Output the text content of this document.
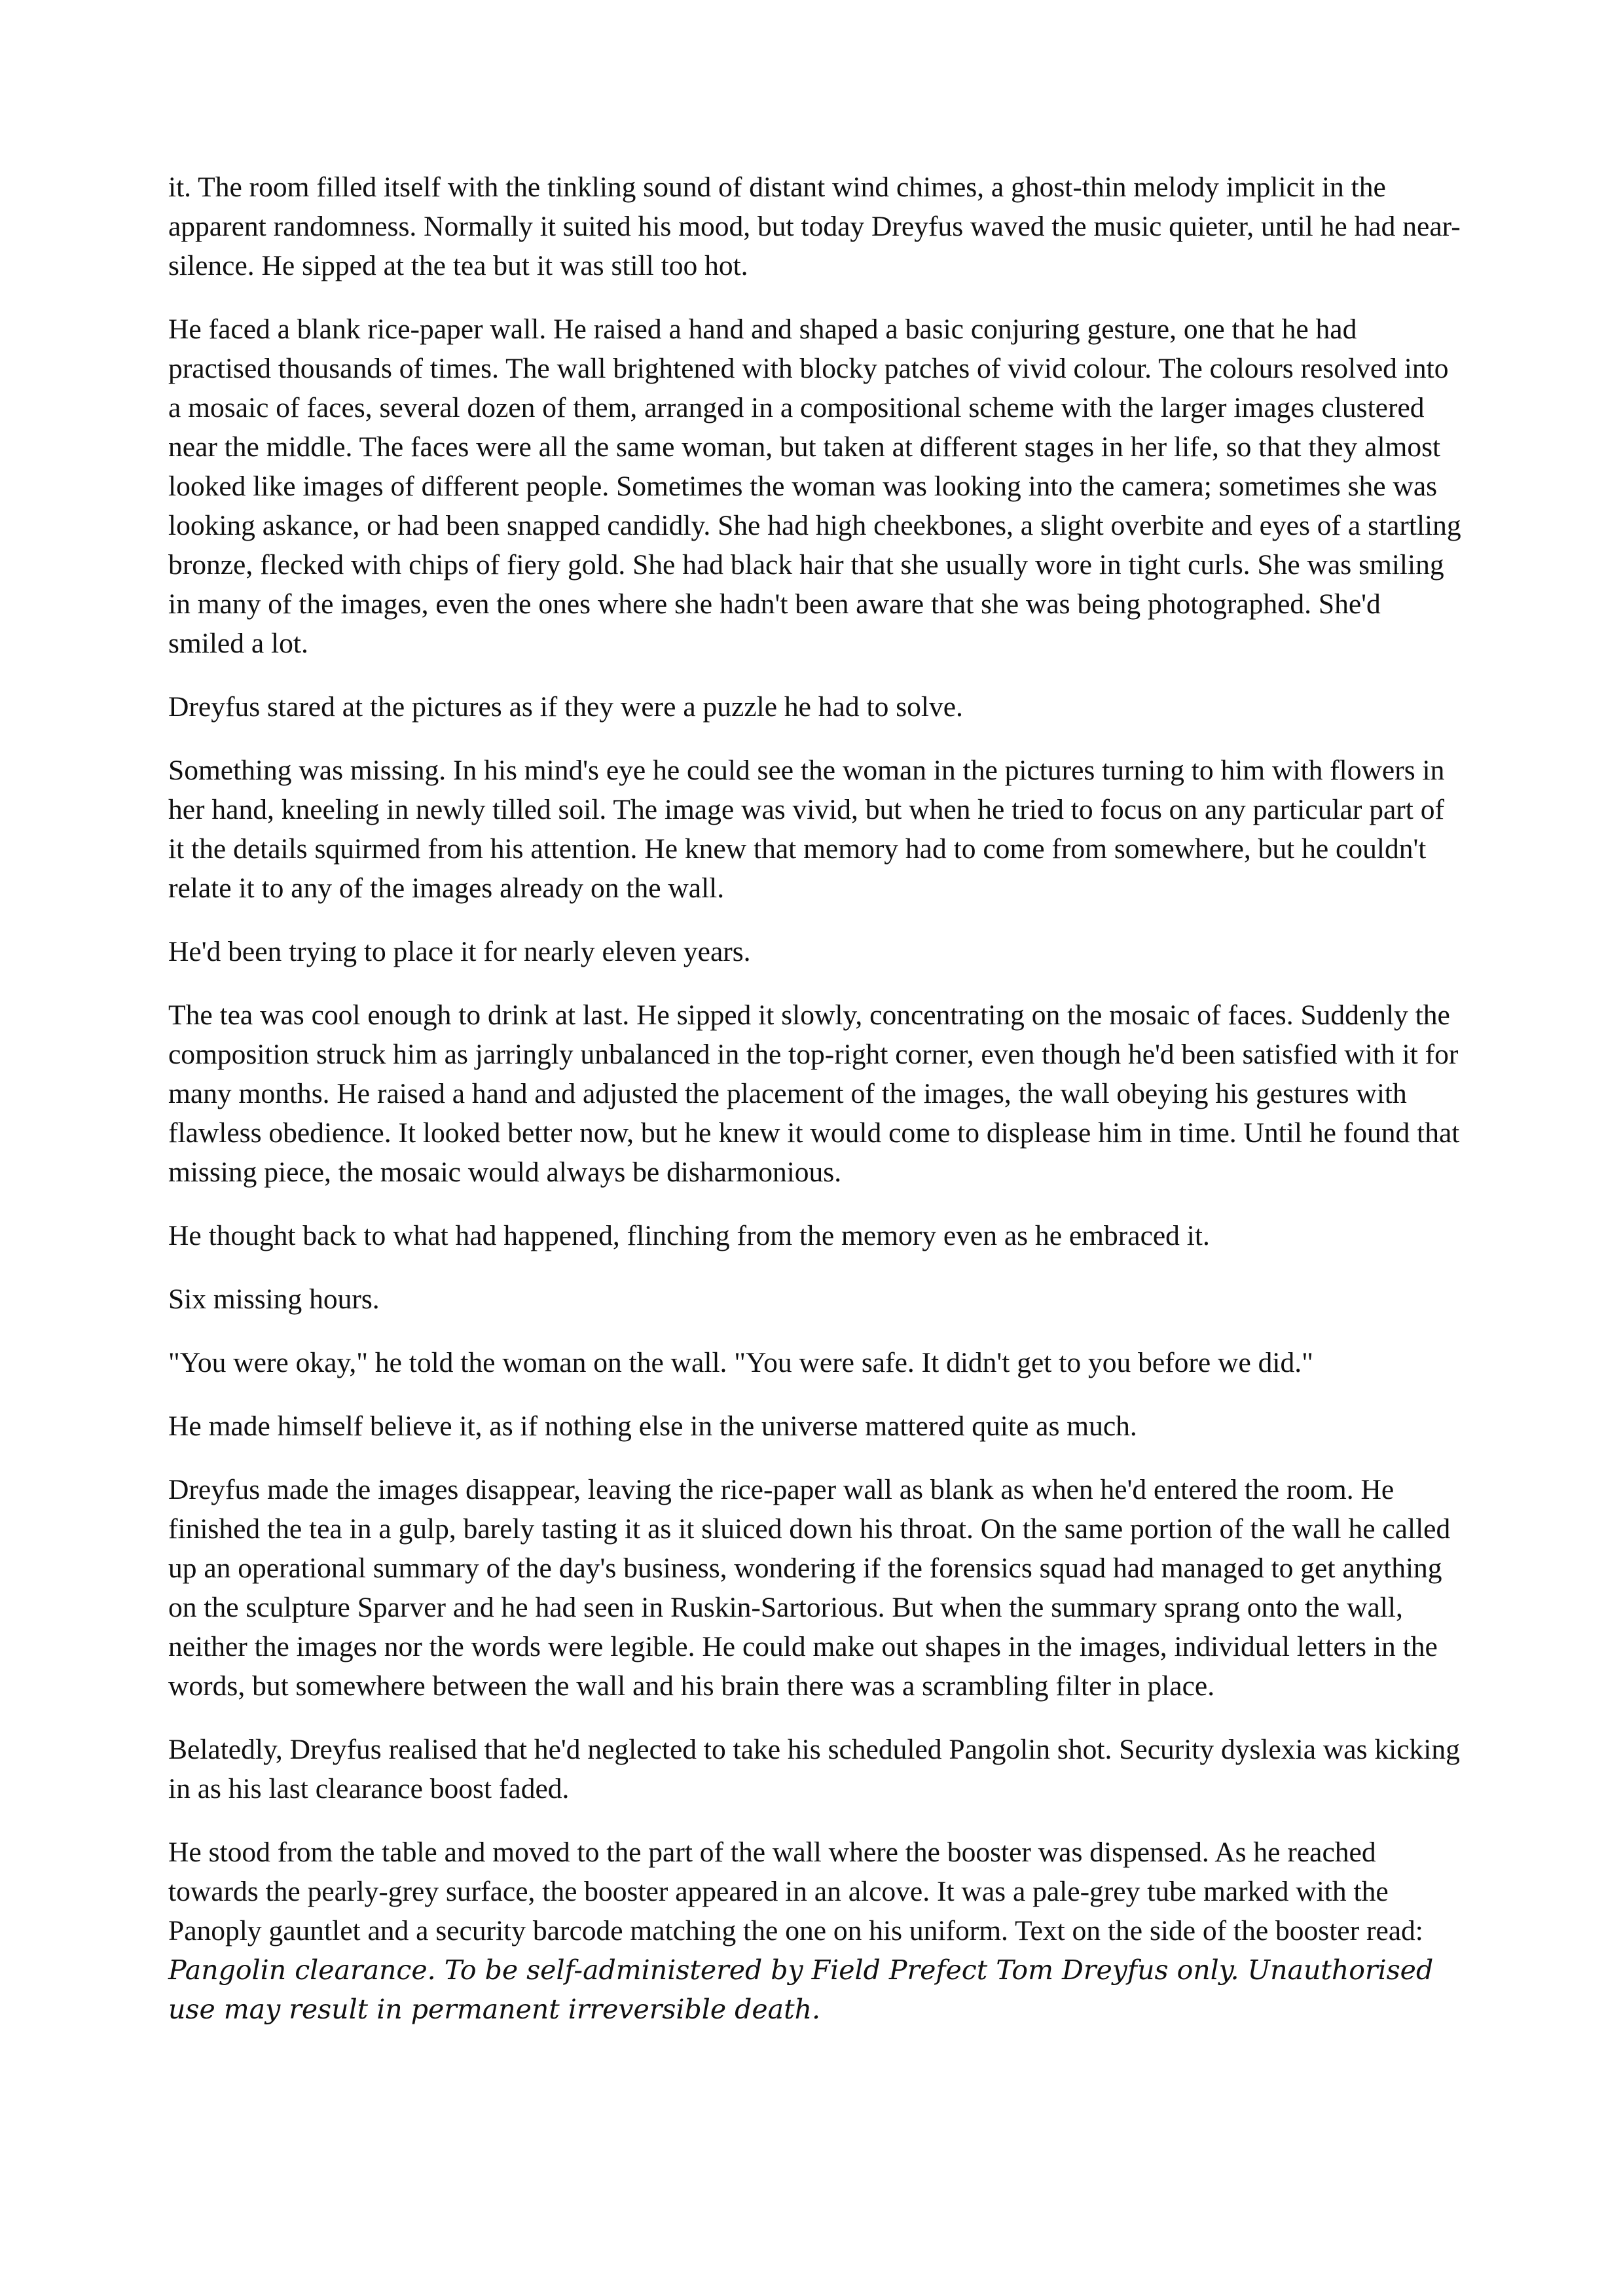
it. The room filled itself with the tinkling sound of distant wind chimes, a ghost-thin melody implicit in the apparent randomness. Normally it suited his mood, but today Dreyfus waved the music quieter, until he had near-silence. He sipped at the tea but it was still too hot.

He faced a blank rice-paper wall. He raised a hand and shaped a basic conjuring gesture, one that he had practised thousands of times. The wall brightened with blocky patches of vivid colour. The colours resolved into a mosaic of faces, several dozen of them, arranged in a compositional scheme with the larger images clustered near the middle. The faces were all the same woman, but taken at different stages in her life, so that they almost looked like images of different people. Sometimes the woman was looking into the camera; sometimes she was looking askance, or had been snapped candidly. She had high cheekbones, a slight overbite and eyes of a startling bronze, flecked with chips of fiery gold. She had black hair that she usually wore in tight curls. She was smiling in many of the images, even the ones where she hadn't been aware that she was being photographed. She'd smiled a lot.

Dreyfus stared at the pictures as if they were a puzzle he had to solve.

Something was missing. In his mind's eye he could see the woman in the pictures turning to him with flowers in her hand, kneeling in newly tilled soil. The image was vivid, but when he tried to focus on any particular part of it the details squirmed from his attention. He knew that memory had to come from somewhere, but he couldn't relate it to any of the images already on the wall.

He'd been trying to place it for nearly eleven years.

The tea was cool enough to drink at last. He sipped it slowly, concentrating on the mosaic of faces. Suddenly the composition struck him as jarringly unbalanced in the top-right corner, even though he'd been satisfied with it for many months. He raised a hand and adjusted the placement of the images, the wall obeying his gestures with flawless obedience. It looked better now, but he knew it would come to displease him in time. Until he found that missing piece, the mosaic would always be disharmonious.

He thought back to what had happened, flinching from the memory even as he embraced it.

Six missing hours.

"You were okay," he told the woman on the wall. "You were safe. It didn't get to you before we did."

He made himself believe it, as if nothing else in the universe mattered quite as much.

Dreyfus made the images disappear, leaving the rice-paper wall as blank as when he'd entered the room. He finished the tea in a gulp, barely tasting it as it sluiced down his throat. On the same portion of the wall he called up an operational summary of the day's business, wondering if the forensics squad had managed to get anything on the sculpture Sparver and he had seen in Ruskin-Sartorious. But when the summary sprang onto the wall, neither the images nor the words were legible. He could make out shapes in the images, individual letters in the words, but somewhere between the wall and his brain there was a scrambling filter in place.

Belatedly, Dreyfus realised that he'd neglected to take his scheduled Pangolin shot. Security dyslexia was kicking in as his last clearance boost faded.

He stood from the table and moved to the part of the wall where the booster was dispensed. As he reached towards the pearly-grey surface, the booster appeared in an alcove. It was a pale-grey tube marked with the Panoply gauntlet and a security barcode matching the one on his uniform. Text on the side of the booster read: Pangolin clearance. To be self-administered by Field Prefect Tom Dreyfus only. Unauthorised use may result in permanent irreversible death.
